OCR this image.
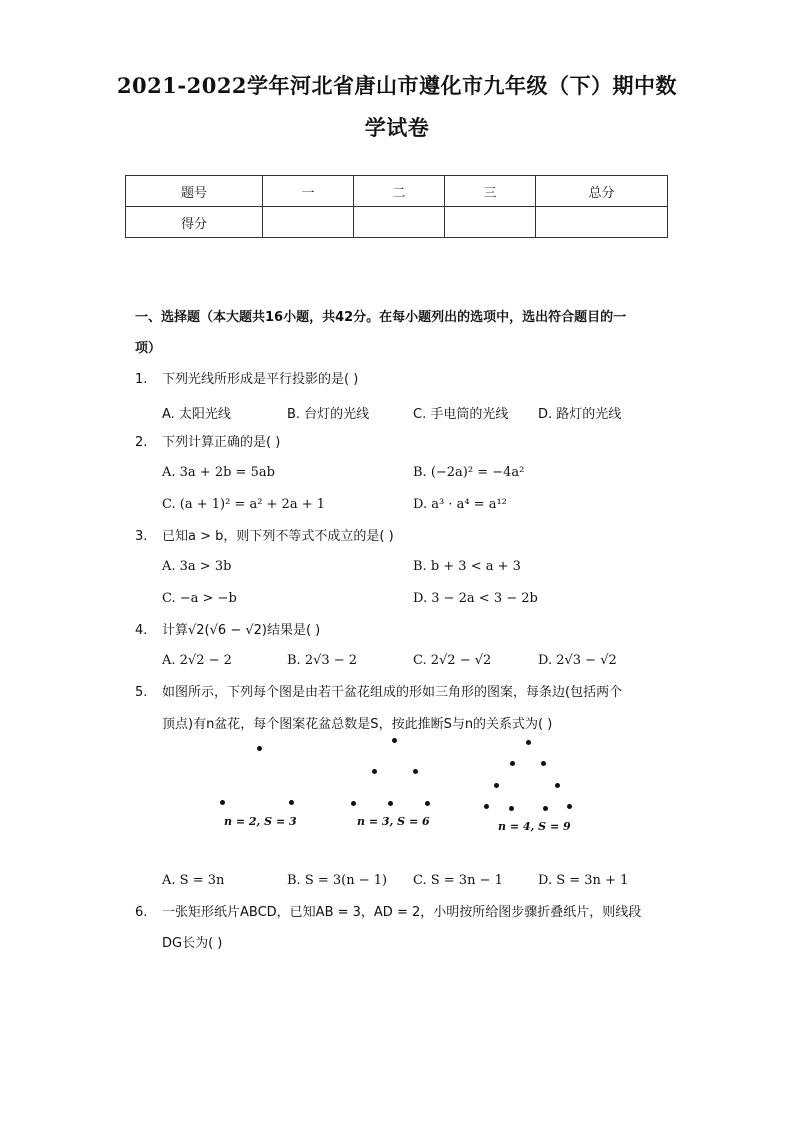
2021-2022学年河北省唐山市遵化市九年级（下）期中数
学试卷
题号	一	二	三	总分
得分				
一、选择题（本大题共16小题，共42分。在每小题列出的选项中，选出符合题目的一
项）
1. 下列光线所形成是平行投影的是( )
A. 太阳光线	B. 台灯的光线	C. 手电筒的光线 D. 路灯的光线
2. 下列计算正确的是( )
A. 3a + 2b = 5ab	B. (−2a)² = −4a²
C. (a + 1)² = a² + 2a + 1	D. a³ · a⁴ = a¹²
3. 已知a > b，则下列不等式不成立的是( )
A. 3a > 3b	B. b + 3 < a + 3
C. −a > −b	D. 3 − 2a < 3 − 2b
4. 计算√2(√6 − √2)结果是( )
A. 2√2 − 2	B. 2√3 − 2	C. 2√2 − √2	D. 2√3 − √2
5. 如图所示，下列每个图是由若干盆花组成的形如三角形的图案，每条边(包括两个
顶点)有n盆花，每个图案花盆总数是S，按此推断S与n的关系式为( )
n = 2, S = 3	n = 3, S = 6	n = 4, S = 9
A. S = 3n	B. S = 3(n − 1) C. S = 3n − 1	D. S = 3n + 1
6. 一张矩形纸片ABCD，已知AB = 3，AD = 2，小明按所给图步骤折叠纸片，则线段
DG长为( )
